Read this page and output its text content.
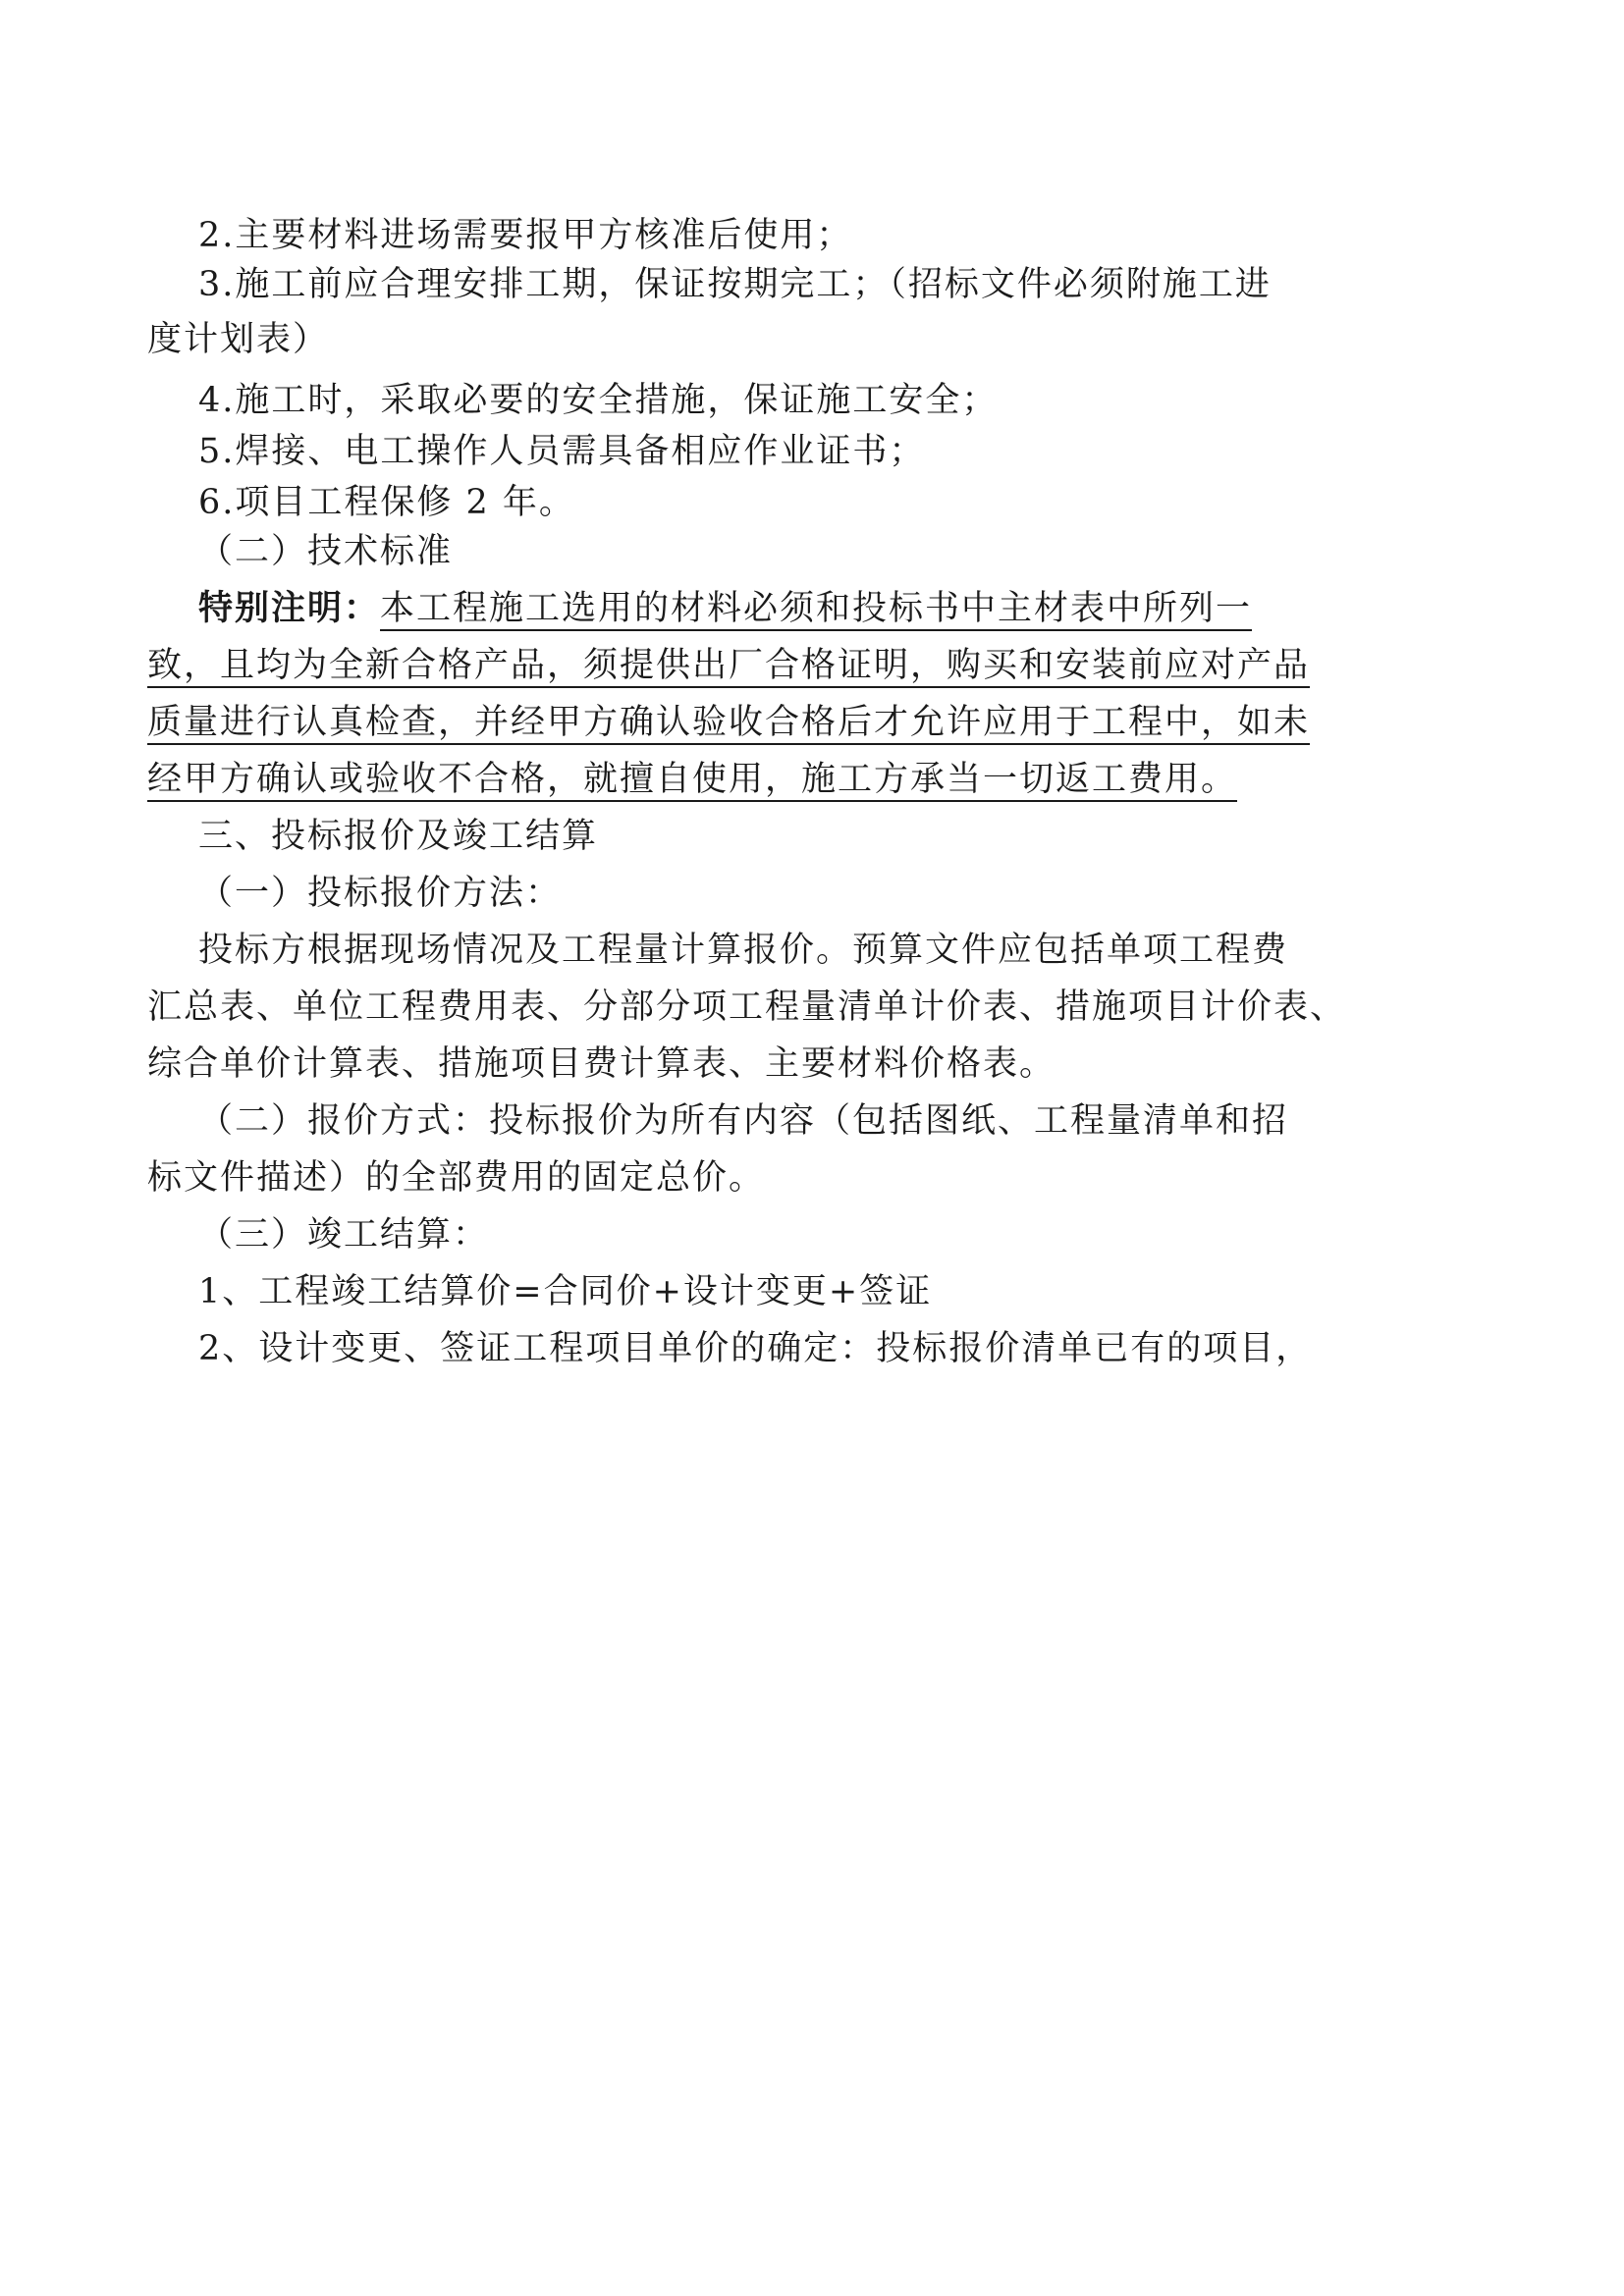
2.主要材料进场需要报甲方核准后使用；
3.施工前应合理安排工期，保证按期完工；（招标文件必须附施工进
度计划表）
4.施工时，采取必要的安全措施，保证施工安全；
5.焊接、电工操作人员需具备相应作业证书；
6.项目工程保修 2 年。
（二）技术标准
特别注明：本工程施工选用的材料必须和投标书中主材表中所列一
致，且均为全新合格产品，须提供出厂合格证明，购买和安装前应对产品
质量进行认真检查，并经甲方确认验收合格后才允许应用于工程中，如未
经甲方确认或验收不合格，就擅自使用，施工方承当一切返工费用。
三、投标报价及竣工结算
（一）投标报价方法：
投标方根据现场情况及工程量计算报价。预算文件应包括单项工程费
汇总表、单位工程费用表、分部分项工程量清单计价表、措施项目计价表、
综合单价计算表、措施项目费计算表、主要材料价格表。
（二）报价方式：投标报价为所有内容（包括图纸、工程量清单和招
标文件描述）的全部费用的固定总价。
（三）竣工结算：
1、工程竣工结算价=合同价+设计变更+签证
2、设计变更、签证工程项目单价的确定：投标报价清单已有的项目，
